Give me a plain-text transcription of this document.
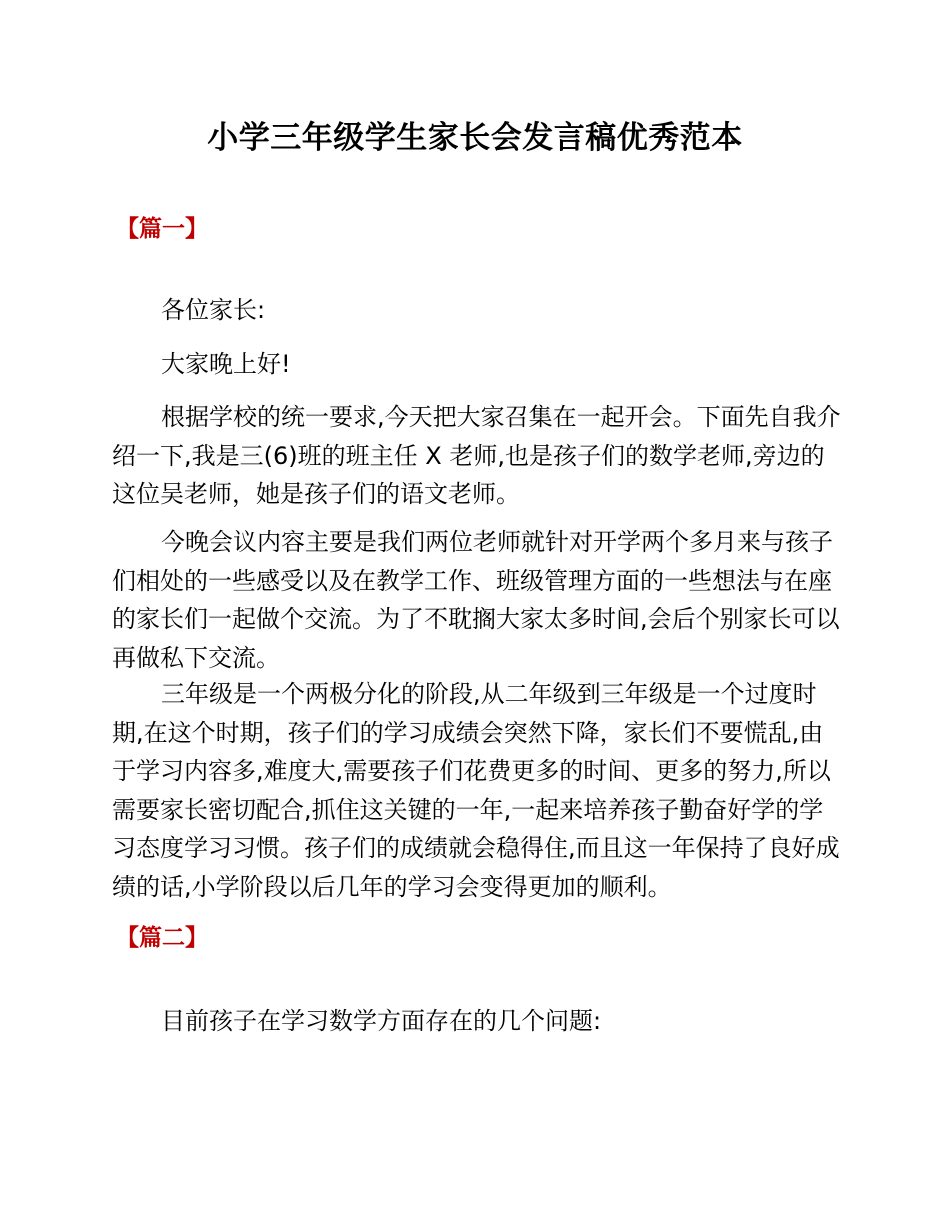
小学三年级学生家长会发言稿优秀范本
【篇一】

各位家长:

大家晚上好!

根据学校的统一要求,今天把大家召集在一起开会。下面先自我介绍一下,我是三(6)班的班主任 X 老师,也是孩子们的数学老师,旁边的这位吴老师，她是孩子们的语文老师。

今晚会议内容主要是我们两位老师就针对开学两个多月来与孩子们相处的一些感受以及在教学工作、班级管理方面的一些想法与在座的家长们一起做个交流。为了不耽搁大家太多时间,会后个别家长可以再做私下交流。

三年级是一个两极分化的阶段,从二年级到三年级是一个过度时期,在这个时期，孩子们的学习成绩会突然下降，家长们不要慌乱,由于学习内容多,难度大,需要孩子们花费更多的时间、更多的努力,所以需要家长密切配合,抓住这关键的一年,一起来培养孩子勤奋好学的学习态度学习习惯。孩子们的成绩就会稳得住,而且这一年保持了良好成绩的话,小学阶段以后几年的学习会变得更加的顺利。

【篇二】

目前孩子在学习数学方面存在的几个问题:
